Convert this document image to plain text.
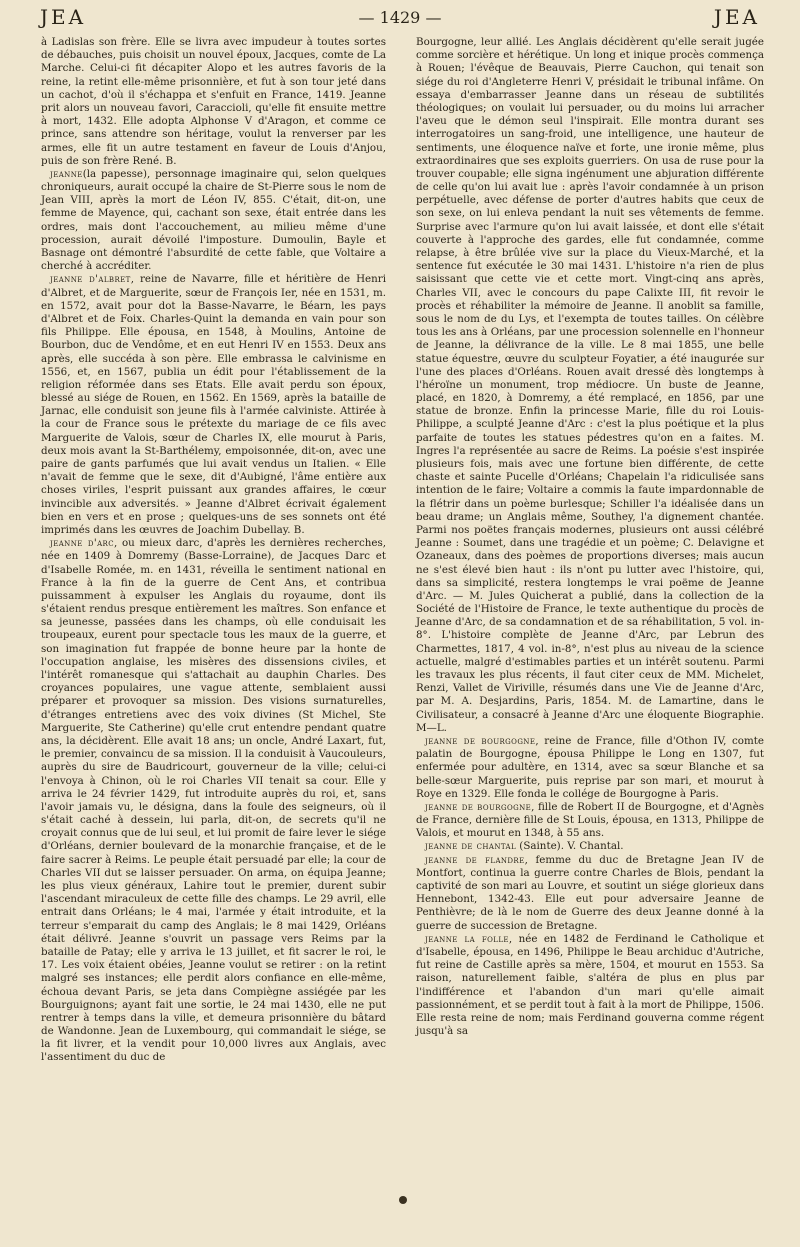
JEA	— 1429 —	JEA

à Ladislas son frère. Elle se livra avec impudeur à toutes sortes de débauches, puis choisit un nouvel époux, Jacques, comte de La Marche. Celui-ci fit décapiter Alopo et les autres favoris de la reine, la retint elle-même prisonnière, et fut à son tour jeté dans un cachot, d'où il s'échappa et s'enfuit en France, 1419. Jeanne prit alors un nouveau favori, Caraccioli, qu'elle fit ensuite mettre à mort, 1432. Elle adopta Alphonse V d'Aragon, et comme ce prince, sans attendre son héritage, voulut la renverser par les armes, elle fit un autre testament en faveur de Louis d'Anjou, puis de son frère René. B.

jeanne(la papesse), personnage imaginaire qui, selon quelques chroniqueurs, aurait occupé la chaire de St-Pierre sous le nom de Jean VIII, après la mort de Léon IV, 855. C'était, dit-on, une femme de Mayence, qui, cachant son sexe, était entrée dans les ordres, mais dont l'accouchement, au milieu même d'une procession, aurait dévoilé l'imposture. Dumoulin, Bayle et Basnage ont démontré l'absurdité de cette fable, que Voltaire a cherché à accréditer.

jeanne d'albret, reine de Navarre, fille et héritière de Henri d'Albret, et de Marguerite, sœur de François Ier, née en 1531, m. en 1572, avait pour dot la Basse-Navarre, le Béarn, les pays d'Albret et de Foix. Charles-Quint la demanda en vain pour son fils Philippe. Elle épousa, en 1548, à Moulins, Antoine de Bourbon, duc de Vendôme, et en eut Henri IV en 1553. Deux ans après, elle succéda à son père. Elle embrassa le calvinisme en 1556, et, en 1567, publia un édit pour l'établissement de la religion réformée dans ses Etats. Elle avait perdu son époux, blessé au siége de Rouen, en 1562. En 1569, après la bataille de Jarnac, elle conduisit son jeune fils à l'armée calviniste. Attirée à la cour de France sous le prétexte du mariage de ce fils avec Marguerite de Valois, sœur de Charles IX, elle mourut à Paris, deux mois avant la St-Barthélemy, empoisonnée, dit-on, avec une paire de gants parfumés que lui avait vendus un Italien. « Elle n'avait de femme que le sexe, dit d'Aubigné, l'âme entière aux choses viriles, l'esprit puissant aux grandes affaires, le cœur invincible aux adversités. » Jeanne d'Albret écrivait également bien en vers et en prose ; quelques-uns de ses sonnets ont été imprimés dans les œuvres de Joachim Dubellay. B.

jeanne d'arc, ou mieux darc, d'après les dernières recherches, née en 1409 à Domremy (Basse-Lorraine), de Jacques Darc et d'Isabelle Romée, m. en 1431, réveilla le sentiment national en France à la fin de la guerre de Cent Ans, et contribua puissamment à expulser les Anglais du royaume, dont ils s'étaient rendus presque entièrement les maîtres. Son enfance et sa jeunesse, passées dans les champs, où elle conduisait les troupeaux, eurent pour spectacle tous les maux de la guerre, et son imagination fut frappée de bonne heure par la honte de l'occupation anglaise, les misères des dissensions civiles, et l'intérêt romanesque qui s'attachait au dauphin Charles. Des croyances populaires, une vague attente, semblaient aussi préparer et provoquer sa mission. Des visions surnaturelles, d'étranges entretiens avec des voix divines (St Michel, Ste Marguerite, Ste Catherine) qu'elle crut entendre pendant quatre ans, la décidèrent. Elle avait 18 ans; un oncle, André Laxart, fut, le premier, convaincu de sa mission. Il la conduisit à Vaucouleurs, auprès du sire de Baudricourt, gouverneur de la ville; celui-ci l'envoya à Chinon, où le roi Charles VII tenait sa cour. Elle y arriva le 24 février 1429, fut introduite auprès du roi, et, sans l'avoir jamais vu, le désigna, dans la foule des seigneurs, où il s'était caché à dessein, lui parla, dit-on, de secrets qu'il ne croyait connus que de lui seul, et lui promit de faire lever le siége d'Orléans, dernier boulevard de la monarchie française, et de le faire sacrer à Reims. Le peuple était persuadé par elle; la cour de Charles VII dut se laisser persuader. On arma, on équipa Jeanne; les plus vieux généraux, Lahire tout le premier, durent subir l'ascendant miraculeux de cette fille des champs. Le 29 avril, elle entrait dans Orléans; le 4 mai, l'armée y était introduite, et la terreur s'emparait du camp des Anglais; le 8 mai 1429, Orléans était délivré. Jeanne s'ouvrit un passage vers Reims par la bataille de Patay; elle y arriva le 13 juillet, et fit sacrer le roi, le 17. Les voix étaient obéies, Jeanne voulut se retirer : on la retint malgré ses instances; elle perdit alors confiance en elle-même, échoua devant Paris, se jeta dans Compiègne assiégée par les Bourguignons; ayant fait une sortie, le 24 mai 1430, elle ne put rentrer à temps dans la ville, et demeura prisonnière du bâtard de Wandonne. Jean de Luxembourg, qui commandait le siége, se la fit livrer, et la vendit pour 10,000 livres aux Anglais, avec l'assentiment du duc de

Bourgogne, leur allié. Les Anglais décidèrent qu'elle serait jugée comme sorcière et hérétique. Un long et inique procès commença à Rouen; l'évêque de Beauvais, Pierre Cauchon, qui tenait son siége du roi d'Angleterre Henri V, présidait le tribunal infâme. On essaya d'embarrasser Jeanne dans un réseau de subtilités théologiques; on voulait lui persuader, ou du moins lui arracher l'aveu que le démon seul l'inspirait. Elle montra durant ses interrogatoires un sang-froid, une intelligence, une hauteur de sentiments, une éloquence naïve et forte, une ironie même, plus extraordinaires que ses exploits guerriers. On usa de ruse pour la trouver coupable; elle signa ingénument une abjuration différente de celle qu'on lui avait lue : après l'avoir condamnée à un prison perpétuelle, avec défense de porter d'autres habits que ceux de son sexe, on lui enleva pendant la nuit ses vêtements de femme. Surprise avec l'armure qu'on lui avait laissée, et dont elle s'était couverte à l'approche des gardes, elle fut condamnée, comme relapse, à être brûlée vive sur la place du Vieux-Marché, et la sentence fut exécutée le 30 mai 1431. L'histoire n'a rien de plus saisissant que cette vie et cette mort. Vingt-cinq ans après, Charles VII, avec le concours du pape Calixte III, fit revoir le procès et réhabiliter la mémoire de Jeanne. Il anoblit sa famille, sous le nom de du Lys, et l'exempta de toutes tailles. On célèbre tous les ans à Orléans, par une procession solennelle en l'honneur de Jeanne, la délivrance de la ville. Le 8 mai 1855, une belle statue équestre, œuvre du sculpteur Foyatier, a été inaugurée sur l'une des places d'Orléans. Rouen avait dressé dès longtemps à l'héroïne un monument, trop médiocre. Un buste de Jeanne, placé, en 1820, à Domremy, a été remplacé, en 1856, par une statue de bronze. Enfin la princesse Marie, fille du roi Louis-Philippe, a sculpté Jeanne d'Arc : c'est la plus poétique et la plus parfaite de toutes les statues pédestres qu'on en a faites. M. Ingres l'a représentée au sacre de Reims. La poésie s'est inspirée plusieurs fois, mais avec une fortune bien différente, de cette chaste et sainte Pucelle d'Orléans; Chapelain l'a ridiculisée sans intention de le faire; Voltaire a commis la faute impardonnable de la flétrir dans un poème burlesque; Schiller l'a idéalisée dans un beau drame; un Anglais même, Southey, l'a dignement chantée. Parmi nos poëtes français modernes, plusieurs ont aussi célébré Jeanne : Soumet, dans une tragédie et un poème; C. Delavigne et Ozaneaux, dans des poèmes de proportions diverses; mais aucun ne s'est élevé bien haut : ils n'ont pu lutter avec l'histoire, qui, dans sa simplicité, restera longtemps le vrai poëme de Jeanne d'Arc. — M. Jules Quicherat a publié, dans la collection de la Société de l'Histoire de France, le texte authentique du procès de Jeanne d'Arc, de sa condamnation et de sa réhabilitation, 5 vol. in-8°. L'histoire complète de Jeanne d'Arc, par Lebrun des Charmettes, 1817, 4 vol. in-8°, n'est plus au niveau de la science actuelle, malgré d'estimables parties et un intérêt soutenu. Parmi les travaux les plus récents, il faut citer ceux de MM. Michelet, Renzi, Vallet de Viriville, résumés dans une Vie de Jeanne d'Arc, par M. A. Desjardins, Paris, 1854. M. de Lamartine, dans le Civilisateur, a consacré à Jeanne d'Arc une éloquente Biographie. M—L.

jeanne de bourgogne, reine de France, fille d'Othon IV, comte palatin de Bourgogne, épousa Philippe le Long en 1307, fut enfermée pour adultère, en 1314, avec sa sœur Blanche et sa belle-sœur Marguerite, puis reprise par son mari, et mourut à Roye en 1329. Elle fonda le collége de Bourgogne à Paris.

jeanne de bourgogne, fille de Robert II de Bourgogne, et d'Agnès de France, dernière fille de St Louis, épousa, en 1313, Philippe de Valois, et mourut en 1348, à 55 ans.

jeanne de chantal (Sainte). V. Chantal.

jeanne de flandre, femme du duc de Bretagne Jean IV de Montfort, continua la guerre contre Charles de Blois, pendant la captivité de son mari au Louvre, et soutint un siége glorieux dans Hennebont, 1342-43. Elle eut pour adversaire Jeanne de Penthièvre; de là le nom de Guerre des deux Jeanne donné à la guerre de succession de Bretagne.

jeanne la folle, née en 1482 de Ferdinand le Catholique et d'Isabelle, épousa, en 1496, Philippe le Beau archiduc d'Autriche, fut reine de Castille après sa mère, 1504, et mourut en 1553. Sa raison, naturellement faible, s'altéra de plus en plus par l'indifférence et l'abandon d'un mari qu'elle aimait passionnément, et se perdit tout à fait à la mort de Philippe, 1506. Elle resta reine de nom; mais Ferdinand gouverna comme régent jusqu'à sa
